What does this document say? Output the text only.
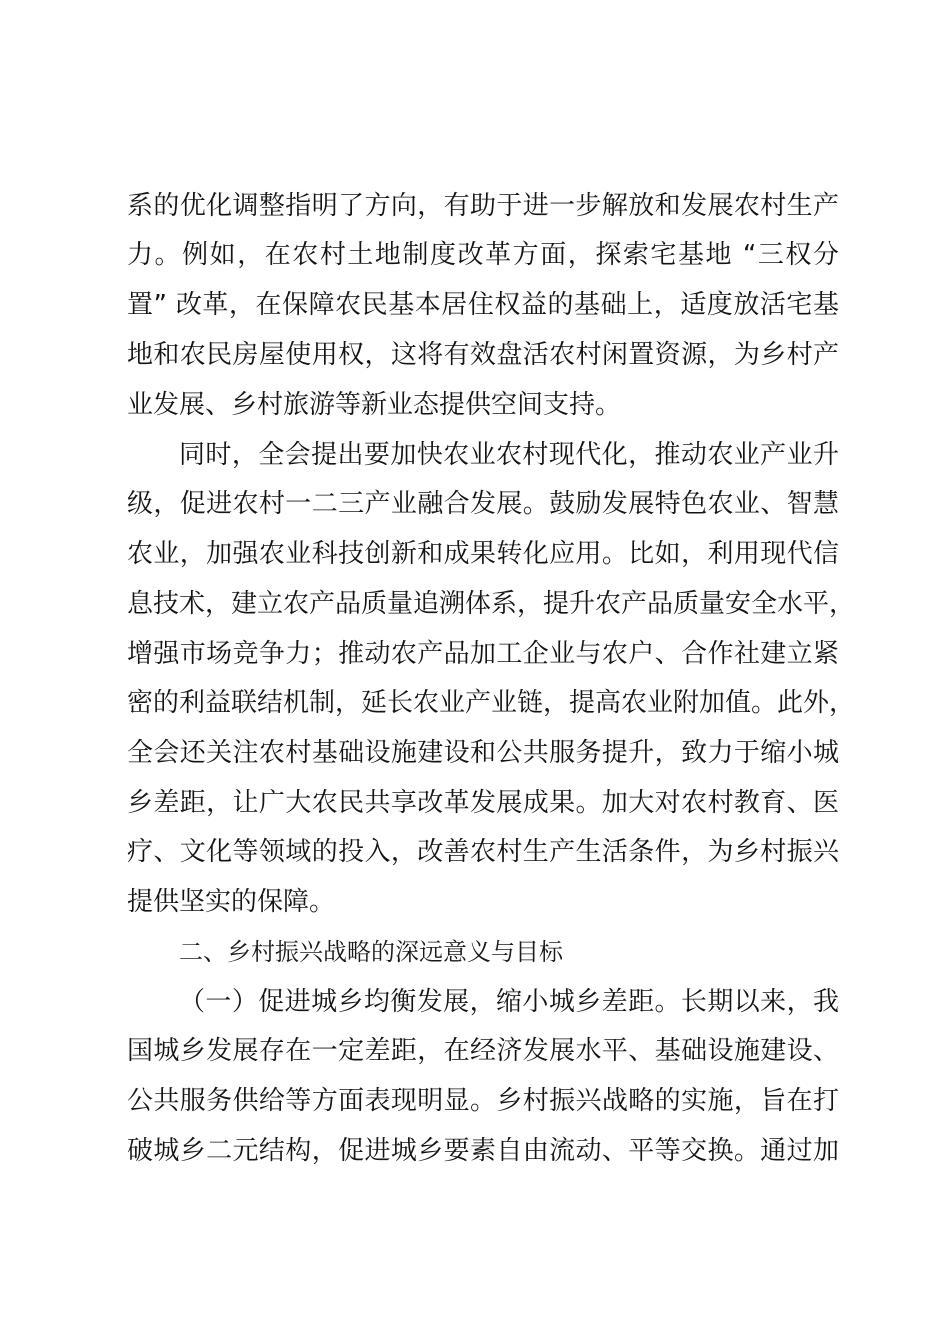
系的优化调整指明了方向，有助于进一步解放和发展农村生产
力。例如，在农村土地制度改革方面，探索宅基地 “三权分
置” 改革，在保障农民基本居住权益的基础上，适度放活宅基
地和农民房屋使用权，这将有效盘活农村闲置资源，为乡村产
业发展、乡村旅游等新业态提供空间支持。
同时，全会提出要加快农业农村现代化，推动农业产业升
级，促进农村一二三产业融合发展。鼓励发展特色农业、智慧
农业，加强农业科技创新和成果转化应用。比如，利用现代信
息技术，建立农产品质量追溯体系，提升农产品质量安全水平，
增强市场竞争力；推动农产品加工企业与农户、合作社建立紧
密的利益联结机制，延长农业产业链，提高农业附加值。此外，
全会还关注农村基础设施建设和公共服务提升，致力于缩小城
乡差距，让广大农民共享改革发展成果。加大对农村教育、医
疗、文化等领域的投入，改善农村生产生活条件，为乡村振兴
提供坚实的保障。
二、乡村振兴战略的深远意义与目标
（一）促进城乡均衡发展，缩小城乡差距。长期以来，我
国城乡发展存在一定差距，在经济发展水平、基础设施建设、
公共服务供给等方面表现明显。乡村振兴战略的实施，旨在打
破城乡二元结构，促进城乡要素自由流动、平等交换。通过加
